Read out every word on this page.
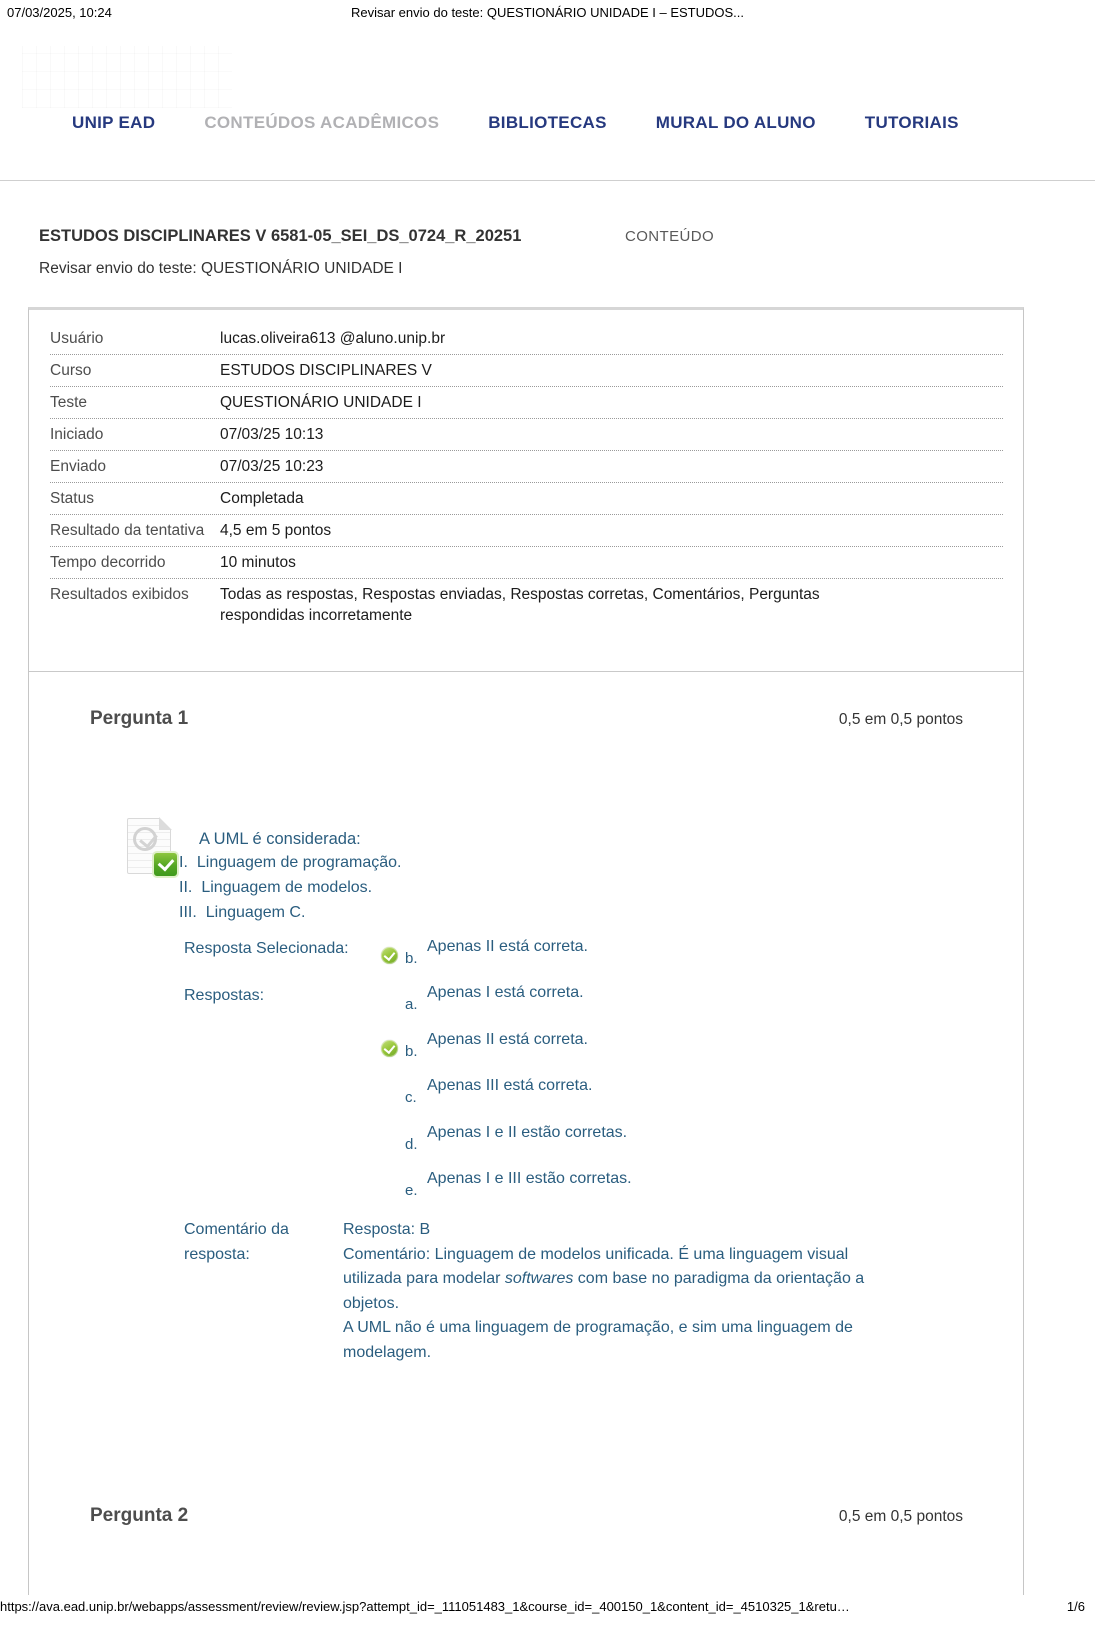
Revisar envio do teste: QUESTIONÁRIO UNIDADE I – ESTUDOS...
07/03/2025, 10:24
UNIP EAD	CONTEÚDOS ACADÊMICOS	BIBLIOTECAS	MURAL DO ALUNO	TUTORIAIS
ESTUDOS DISCIPLINARES V 6581-05_SEI_DS_0724_R_20251	CONTEÚDO
Revisar envio do teste: QUESTIONÁRIO UNIDADE I
Usuário	lucas.oliveira613 @aluno.unip.br
Curso	ESTUDOS DISCIPLINARES V
Teste	QUESTIONÁRIO UNIDADE I
Iniciado	07/03/25 10:13
Enviado	07/03/25 10:23
Status	Completada
Resultado da tentativa	4,5 em 5 pontos
Tempo decorrido	10 minutos
Resultados exibidos	Todas as respostas, Respostas enviadas, Respostas corretas, Comentários, Perguntas respondidas incorretamente
Pergunta 1	0,5 em 0,5 pontos
A UML é considerada:
I. Linguagem de programação.
II. Linguagem de modelos.
III. Linguagem C.
Resposta Selecionada:
b.
Apenas II está correta.
Respostas:
a.
Apenas I está correta.
b.
Apenas II está correta.
c.
Apenas III está correta.
d.
Apenas I e II estão corretas.
e.
Apenas I e III estão corretas.
Comentário da resposta:
Resposta: B
Comentário: Linguagem de modelos unificada. É uma linguagem visual utilizada para modelar softwares com base no paradigma da orientação a objetos.
A UML não é uma linguagem de programação, e sim uma linguagem de modelagem.
Pergunta 2	0,5 em 0,5 pontos
https://ava.ead.unip.br/webapps/assessment/review/review.jsp?attempt_id=_111051483_1&course_id=_400150_1&content_id=_4510325_1&retu…	1/6
